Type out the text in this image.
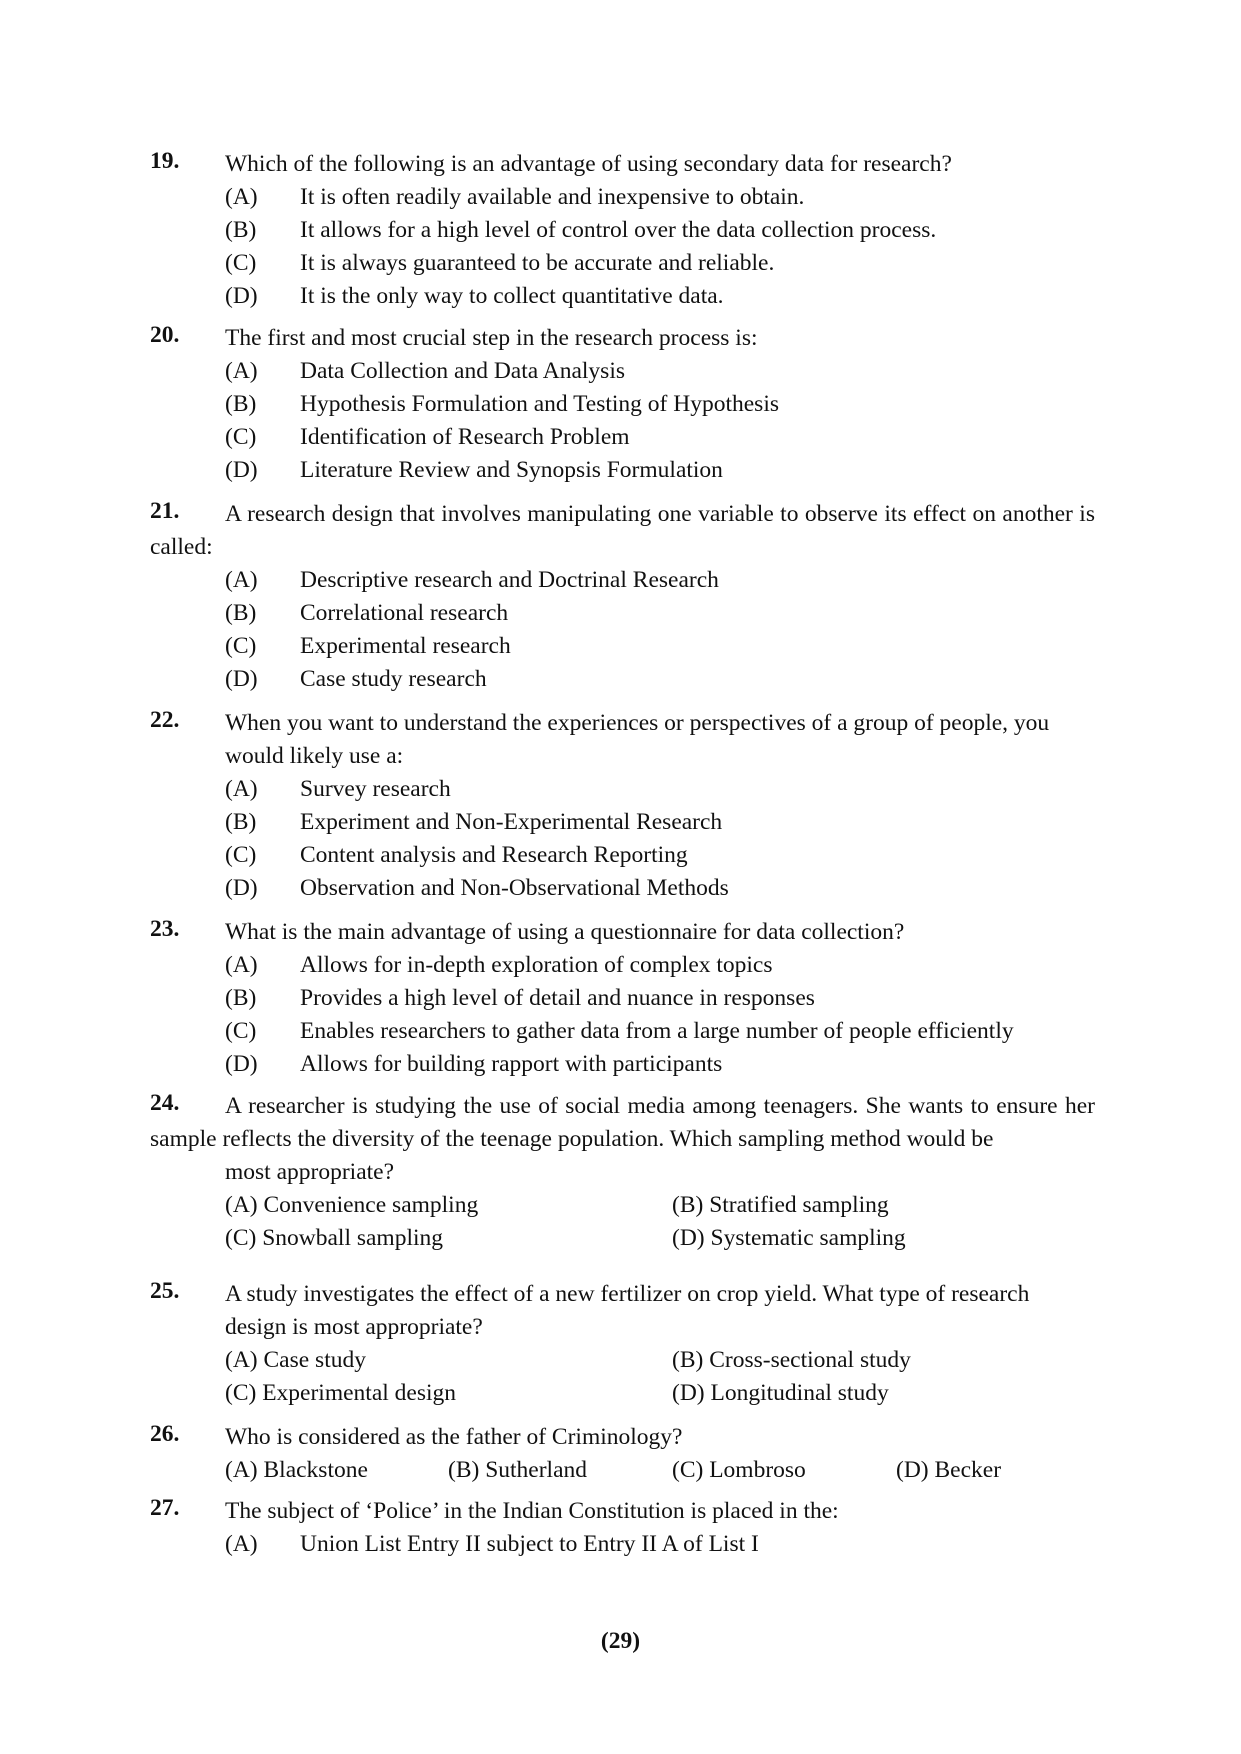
19. Which of the following is an advantage of using secondary data for research?
(A) It is often readily available and inexpensive to obtain.
(B) It allows for a high level of control over the data collection process.
(C) It is always guaranteed to be accurate and reliable.
(D) It is the only way to collect quantitative data.
20. The first and most crucial step in the research process is:
(A) Data Collection and Data Analysis
(B) Hypothesis Formulation and Testing of Hypothesis
(C) Identification of Research Problem
(D) Literature Review and Synopsis Formulation
21.	A research design that involves manipulating one variable to observe its effect on another is called:
(A) Descriptive research and Doctrinal Research
(B) Correlational research
(C) Experimental research
(D) Case study research
22. When you want to understand the experiences or perspectives of a group of people, you would likely use a:
(A) Survey research
(B) Experiment and Non-Experimental Research
(C) Content analysis and Research Reporting
(D) Observation and Non-Observational Methods
23. What is the main advantage of using a questionnaire for data collection?
(A) Allows for in-depth exploration of complex topics
(B) Provides a high level of detail and nuance in responses
(C) Enables researchers to gather data from a large number of people efficiently
(D) Allows for building rapport with participants
24.	A researcher is studying the use of social media among teenagers. She wants to ensure her sample reflects the diversity of the teenage population. Which sampling method would be
most appropriate?
(A) Convenience sampling	(B) Stratified sampling
(C) Snowball sampling	(D) Systematic sampling
25. A study investigates the effect of a new fertilizer on crop yield. What type of research design is most appropriate?
(A) Case study	(B) Cross-sectional study
(C) Experimental design	(D) Longitudinal study
26. Who is considered as the father of Criminology?
(A) Blackstone	(B) Sutherland	(C) Lombroso	(D) Becker
27. The subject of ‘Police’ in the Indian Constitution is placed in the:
(A) Union List Entry II subject to Entry II A of List I
(29)
